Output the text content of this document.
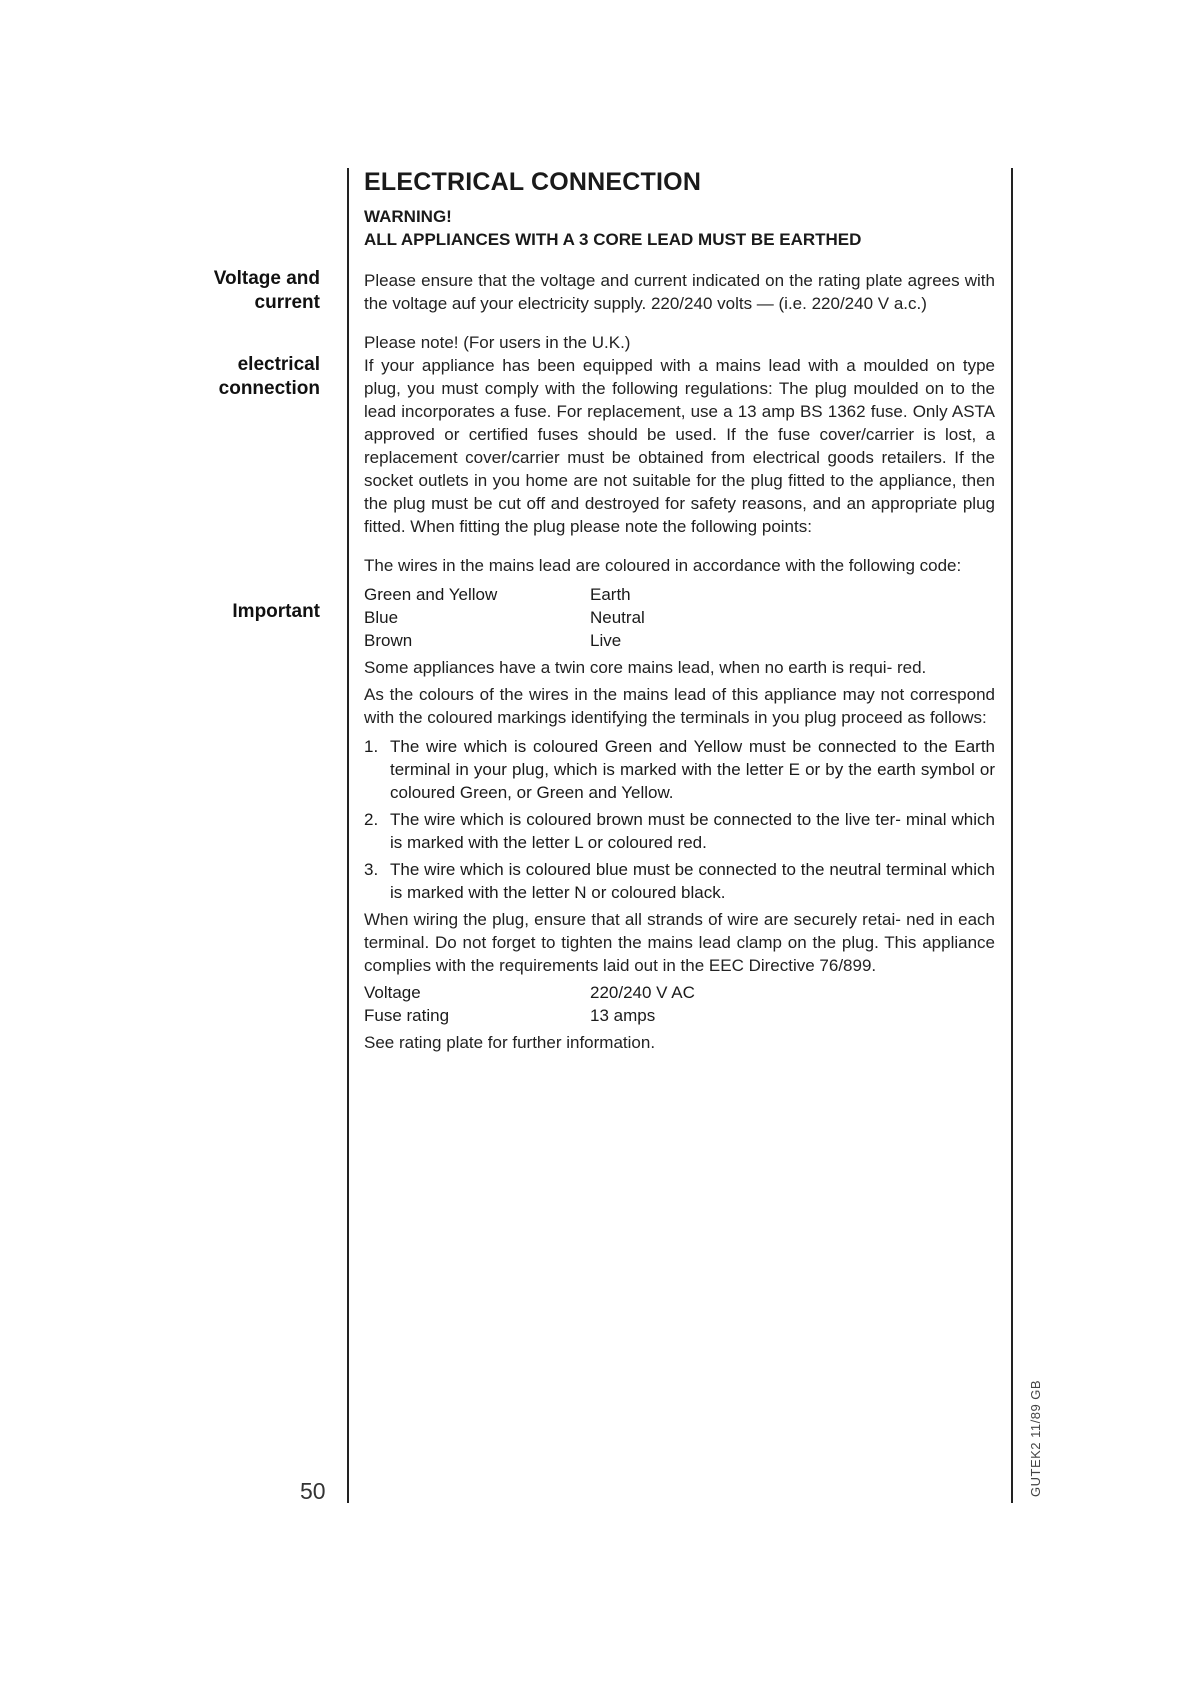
Voltage and
current
electrical
connection
Important
ELECTRICAL CONNECTION
WARNING!
ALL APPLIANCES WITH A 3 CORE LEAD MUST BE EARTHED

Please ensure that the voltage and current indicated on the rating plate agrees with the voltage auf your electricity supply. 220/240 volts — (i.e. 220/240 V a.c.)

Please note! (For users in the U.K.)

If your appliance has been equipped with a mains lead with a moulded on type plug, you must comply with the following regulations: The plug moulded on to the lead incorporates a fuse. For replacement, use a 13 amp BS 1362 fuse. Only ASTA approved or certified fuses should be used. If the fuse cover/carrier is lost, a replacement cover/carrier must be obtained from electrical goods retailers. If the socket outlets in you home are not suitable for the plug fitted to the appliance, then the plug must be cut off and destroyed for safety reasons, and an appropriate plug fitted. When fitting the plug please note the following points:

The wires in the mains lead are coloured in accordance with the following code:

Green and Yellow	Earth
Blue	Neutral
Brown	Live

Some appliances have a twin core mains lead, when no earth is requi- red.

As the colours of the wires in the mains lead of this appliance may not correspond with the coloured markings identifying the terminals in you plug proceed as follows:

1. The wire which is coloured Green and Yellow must be connected to the Earth terminal in your plug, which is marked with the letter E or by the earth symbol or coloured Green, or Green and Yellow.
2. The wire which is coloured brown must be connected to the live ter- minal which is marked with the letter L or coloured red.
3. The wire which is coloured blue must be connected to the neutral terminal which is marked with the letter N or coloured black.

When wiring the plug, ensure that all strands of wire are securely retai- ned in each terminal. Do not forget to tighten the mains lead clamp on the plug. This appliance complies with the requirements laid out in the EEC Directive 76/899.

Voltage	220/240 V AC
Fuse rating	13 amps

See rating plate for further information.

50	GUTEK2 11/89 GB
